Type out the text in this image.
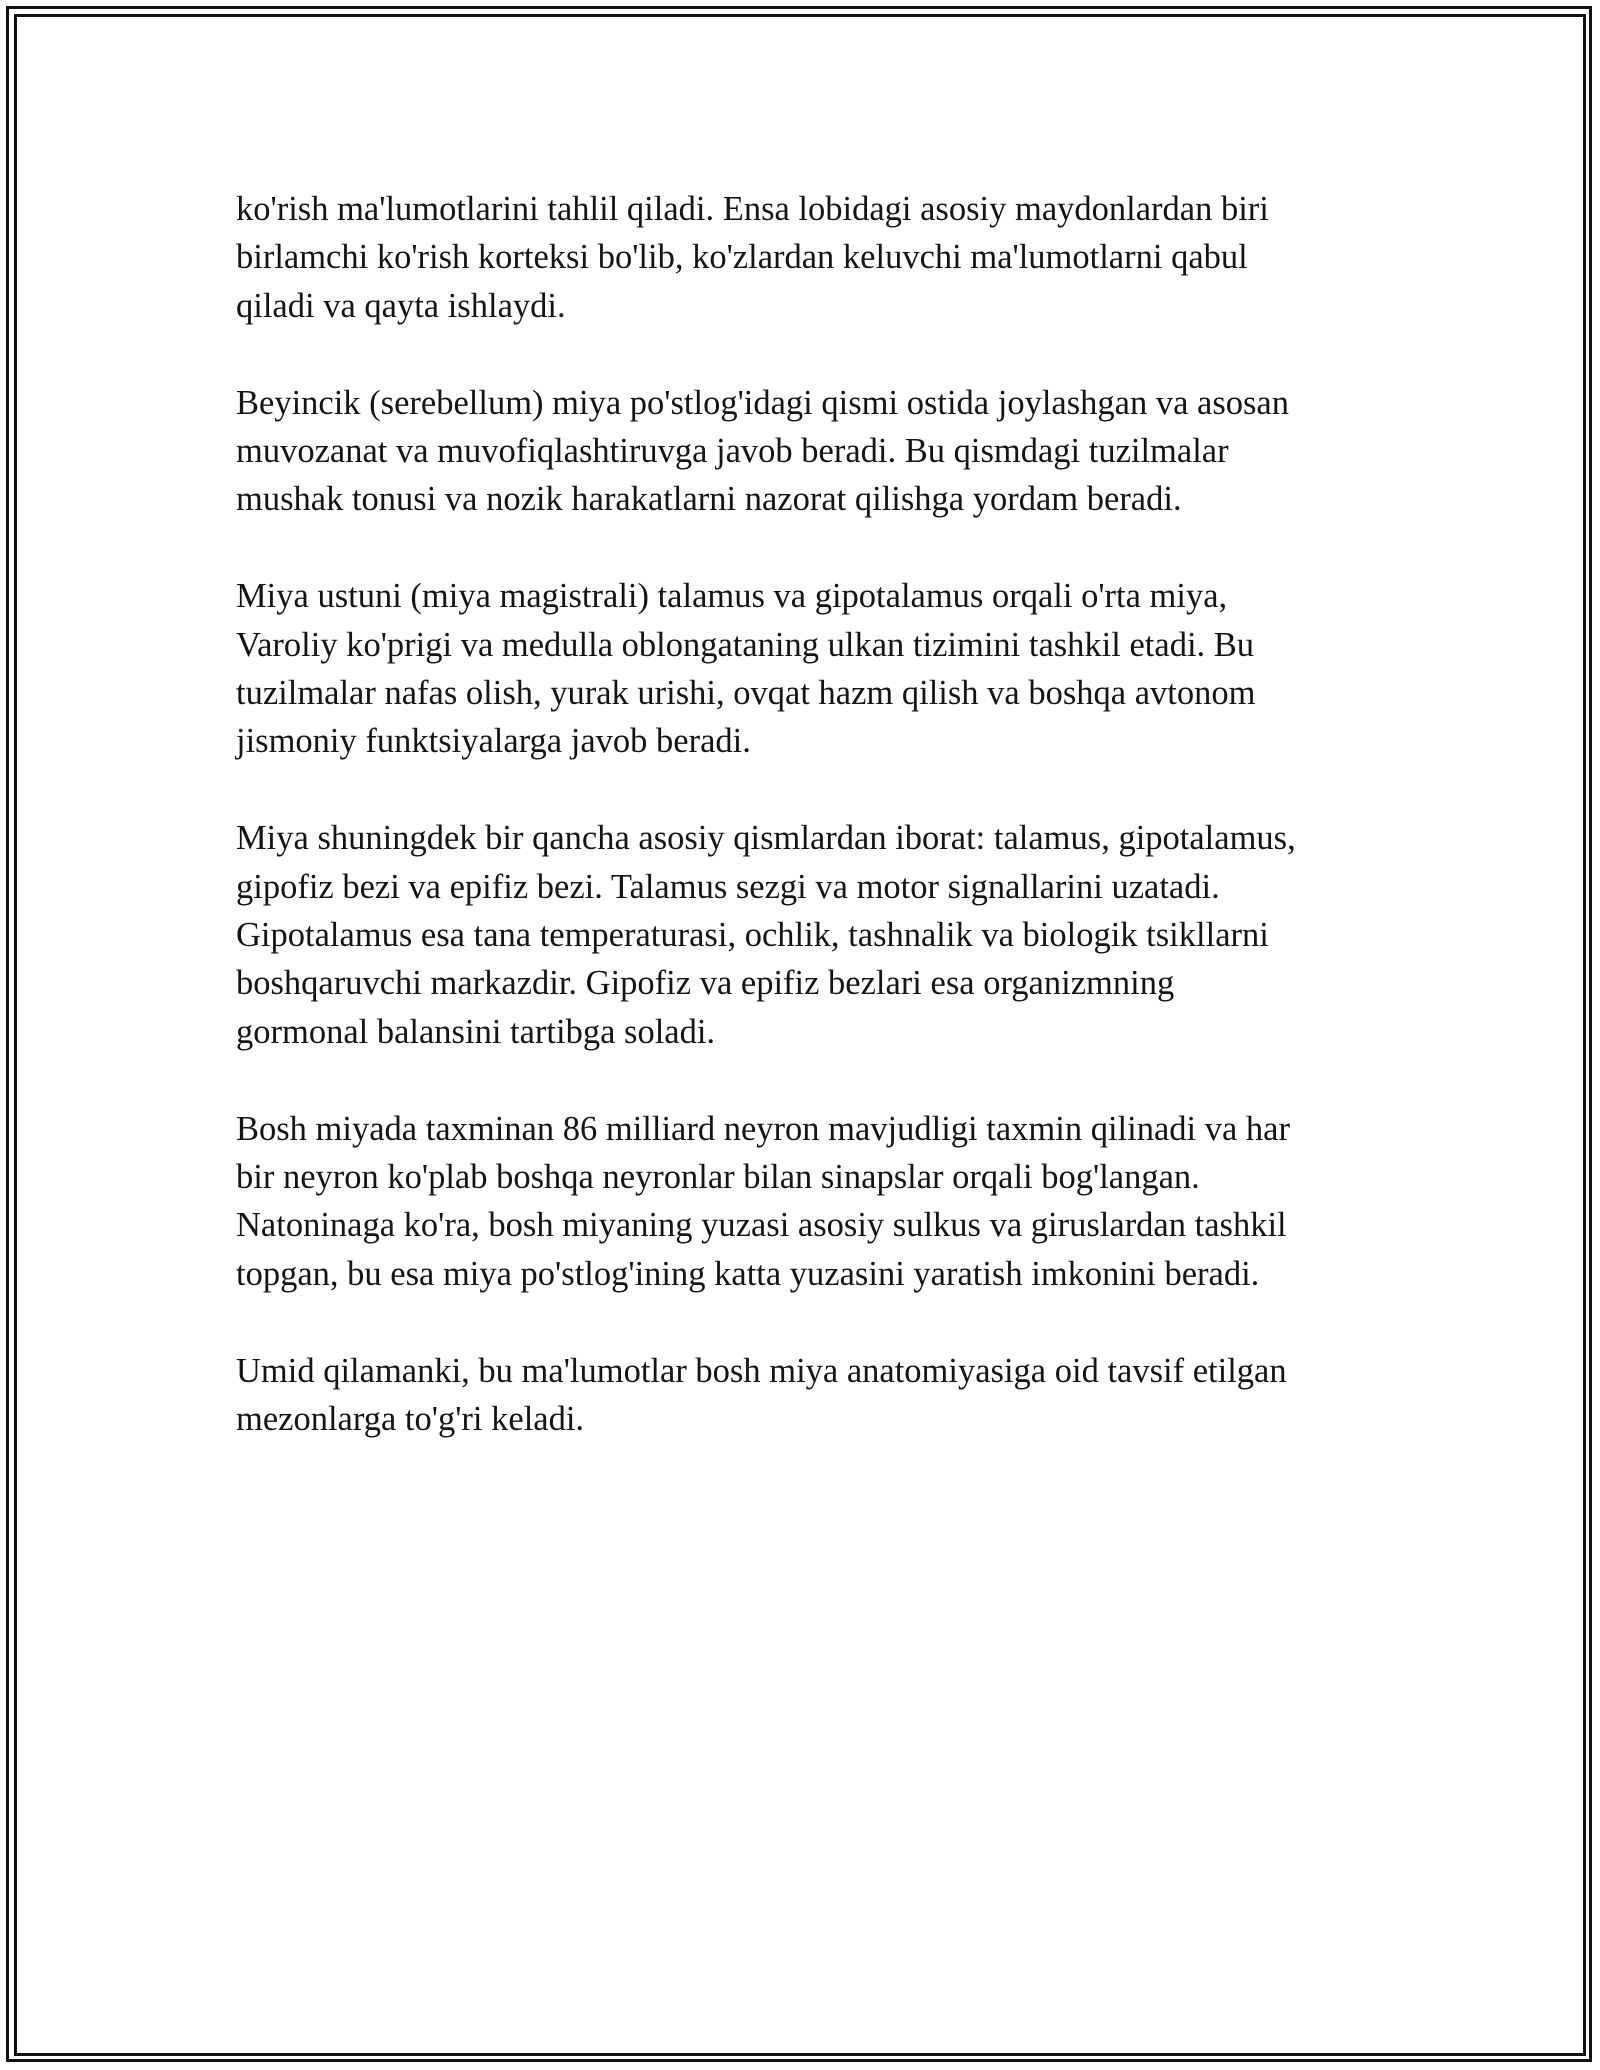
ko'rish ma'lumotlarini tahlil qiladi. Ensa lobidagi asosiy maydonlardan biri
birlamchi ko'rish korteksi bo'lib, ko'zlardan keluvchi ma'lumotlarni qabul
qiladi va qayta ishlaydi.

Beyincik (serebellum) miya po'stlog'idagi qismi ostida joylashgan va asosan
muvozanat va muvofiqlashtiruvga javob beradi. Bu qismdagi tuzilmalar
mushak tonusi va nozik harakatlarni nazorat qilishga yordam beradi.

Miya ustuni (miya magistrali) talamus va gipotalamus orqali o'rta miya,
Varoliy ko'prigi va medulla oblongataning ulkan tizimini tashkil etadi. Bu
tuzilmalar nafas olish, yurak urishi, ovqat hazm qilish va boshqa avtonom
jismoniy funktsiyalarga javob beradi.

Miya shuningdek bir qancha asosiy qismlardan iborat: talamus, gipotalamus,
gipofiz bezi va epifiz bezi. Talamus sezgi va motor signallarini uzatadi.
Gipotalamus esa tana temperaturasi, ochlik, tashnalik va biologik tsikllarni
boshqaruvchi markazdir. Gipofiz va epifiz bezlari esa organizmning
gormonal balansini tartibga soladi.

Bosh miyada taxminan 86 milliard neyron mavjudligi taxmin qilinadi va har
bir neyron ko'plab boshqa neyronlar bilan sinapslar orqali bog'langan.
Natoninaga ko'ra, bosh miyaning yuzasi asosiy sulkus va giruslardan tashkil
topgan, bu esa miya po'stlog'ining katta yuzasini yaratish imkonini beradi.

Umid qilamanki, bu ma'lumotlar bosh miya anatomiyasiga oid tavsif etilgan
mezonlarga to'g'ri keladi.
